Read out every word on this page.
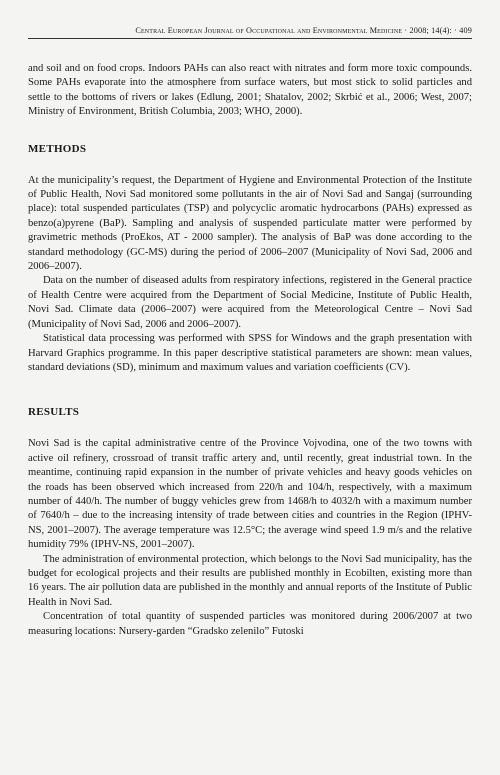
Central European Journal of Occupational and Environmental Medicine · 2008; 14(4): · 409

and soil and on food crops. Indoors PAHs can also react with nitrates and form more toxic compounds. Some PAHs evaporate into the atmosphere from surface waters, but most stick to solid particles and settle to the bottoms of rivers or lakes (Edlung, 2001; Shatalov, 2002; Skrbić et al., 2006; West, 2007; Ministry of Environment, British Columbia, 2003; WHO, 2000).

METHODS

At the municipality’s request, the Department of Hygiene and Environmental Protection of the Institute of Public Health, Novi Sad monitored some pollutants in the air of Novi Sad and Sangaj (surrounding place): total suspended particulates (TSP) and polycyclic aromatic hydrocarbons (PAHs) expressed as benzo(a)pyrene (BaP). Sampling and analysis of suspended particulate matter were performed by gravimetric methods (ProEkos, AT - 2000 sampler). The analysis of BaP was done according to the standard methodology (GC-MS) during the period of 2006–2007 (Municipality of Novi Sad, 2006 and 2006–2007).

Data on the number of diseased adults from respiratory infections, registered in the General practice of Health Centre were acquired from the Department of Social Medicine, Institute of Public Health, Novi Sad. Climate data (2006–2007) were acquired from the Meteorological Centre – Novi Sad (Municipality of Novi Sad, 2006 and 2006–2007).

Statistical data processing was performed with SPSS for Windows and the graph presentation with Harvard Graphics programme. In this paper descriptive statistical parameters are shown: mean values, standard deviations (SD), minimum and maximum values and variation coefficients (CV).

RESULTS

Novi Sad is the capital administrative centre of the Province Vojvodina, one of the two towns with active oil refinery, crossroad of transit traffic artery and, until recently, great industrial town. In the meantime, continuing rapid expansion in the number of private vehicles and heavy goods vehicles on the roads has been observed which increased from 220/h and 104/h, respectively, with a maximum number of 440/h. The number of buggy vehicles grew from 1468/h to 4032/h with a maximum number of 7640/h – due to the increasing intensity of trade between cities and countries in the Region (IPHV-NS, 2001–2007). The average temperature was 12.5°C; the average wind speed 1.9 m/s and the relative humidity 79% (IPHV-NS, 2001–2007).

The administration of environmental protection, which belongs to the Novi Sad municipality, has the budget for ecological projects and their results are published monthly in Ecobilten, existing more than 16 years. The air pollution data are published in the monthly and annual reports of the Institute of Public Health in Novi Sad.

Concentration of total quantity of suspended particles was monitored during 2006/2007 at two measuring locations: Nursery-garden “Gradsko zelenilo” Futoski
